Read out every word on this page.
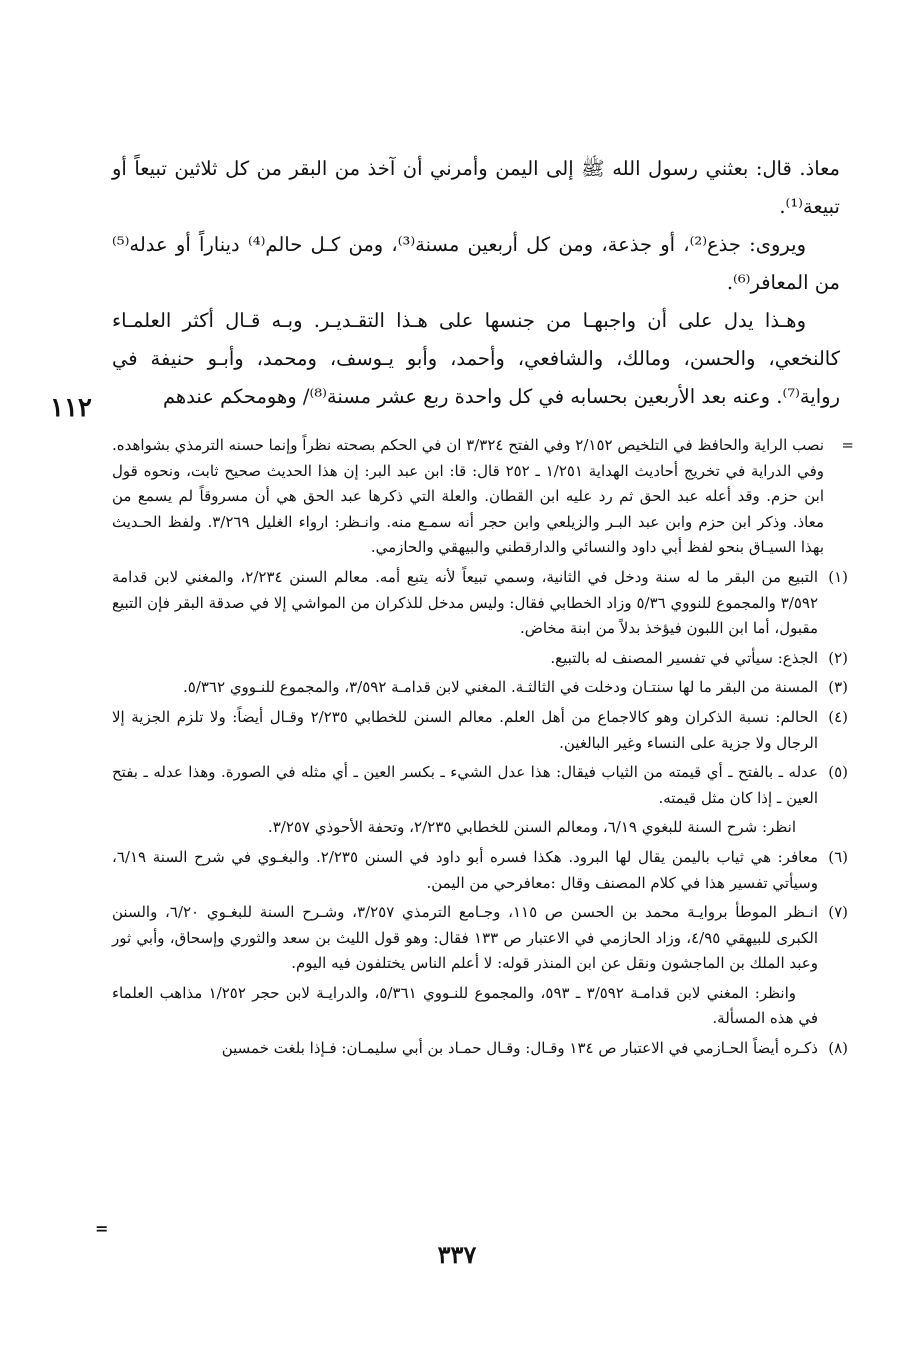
معاذ. قال: بعثني رسول الله ﷺ إلى اليمن وأمرني أن آخذ من البقر من كل ثلاثين تبيعاً أو تبيعة⁽¹⁾.

ويروى: جذع⁽²⁾، أو جذعة، ومن كل أربعين مسنة⁽³⁾، ومن كـل حالم⁽⁴⁾ ديناراً أو عدله⁽⁵⁾ من المعافر⁽⁶⁾.

وهـذا يدل على أن واجبهـا من جنسها على هـذا التقـديـر. وبـه قـال أكثر العلمـاء كالنخعي، والحسن، ومالك، والشافعي، وأحمد، وأبو يـوسف، ومحمد، وأبـو حنيفة في رواية⁽⁷⁾. وعنه بعد الأربعين بحسابه في كل واحدة ربع عشر مسنة⁽⁸⁾/ وهومحكم عندهم

١١٢
=
نصب الراية والحافظ في التلخيص ٢/١٥٢ وفي الفتح ٣/٣٢٤ ان في الحكم بصحته نظراً وإنما حسنه الترمذي بشواهده. وفي الدراية في تخريج أحاديث الهداية ١/٢٥١ ـ ٢٥٢ قال: قا: ابن عبد البر: إن هذا الحديث صحيح ثابت، ونحوه قول ابن حزم. وقد أعله عبد الحق ثم رد عليه ابن القطان. والعلة التي ذكرها عبد الحق هي أن مسروقاً لم يسمع من معاذ. وذكر ابن حزم وابن عبد البـر والزيلعي وابن حجر أنه سمـع منه. وانـظر: ارواء الغليل ٣/٢٦٩. ولفظ الحـديث بهذا السيـاق بنحو لفظ أبي داود والنسائي والدارقطني والبيهقي والحازمي.
(١)
التبيع من البقر ما له سنة ودخل في الثانية، وسمي تبيعاً لأنه يتبع أمه. معالم السنن ٢/٢٣٤، والمغني لابن قدامة ٣/٥٩٢ والمجموع للنووي ٥/٣٦ وزاد الخطابي فقال: وليس مدخل للذكران من المواشي إلا في صدقة البقر فإن التبيع مقبول، أما ابن اللبون فيؤخذ بدلاً من ابنة مخاض.
(٢)
الجذع: سيأتي في تفسير المصنف له بالتبيع.
(٣)
المسنة من البقر ما لها سنتـان ودخلت في الثالثـة. المغني لابن قدامـة ٣/٥٩٢، والمجموع للنـووي ٥/٣٦٢.
(٤)
الحالم: نسبة الذكران وهو كالاجماع من أهل العلم. معالم السنن للخطابي ٢/٢٣٥ وقـال أيضاً: ولا تلزم الجزية إلا الرجال ولا جزية على النساء وغير البالغين.
(٥)
عدله ـ بالفتح ـ أي قيمته من الثياب فيقال: هذا عدل الشيء ـ بكسر العين ـ أي مثله في الصورة. وهذا عدله ـ بفتح العين ـ إذا كان مثل قيمته.
انظر: شرح السنة للبغوي ٦/١٩، ومعالم السنن للخطابي ٢/٢٣٥، وتحفة الأحوذي ٣/٢٥٧.
(٦)
معافر: هي ثياب باليمن يقال لها البرود. هكذا فسره أبو داود في السنن ٢/٢٣٥. والبغـوي في شرح السنة ٦/١٩، وسيأتي تفسير هذا في كلام المصنف وقال :معافرحي من اليمن.
(٧)
انـظر الموطأ بروايـة محمد بن الحسن ص ١١٥، وجـامع الترمذي ٣/٢٥٧، وشـرح السنة للبغـوي ٦/٢٠، والسنن الكبرى للبيهقي ٤/٩٥، وزاد الحازمي في الاعتبار ص ١٣٣ فقال: وهو قول الليث بن سعد والثوري وإسحاق، وأبي ثور وعبد الملك بن الماجشون ونقل عن ابن المنذر قوله: لا أعلم الناس يختلفون فيه اليوم.
وانظر: المغني لابن قدامـة ٣/٥٩٢ ـ ٥٩٣، والمجموع للنـووي ٥/٣٦١، والدرايـة لابن حجر ١/٢٥٢ مذاهب العلماء في هذه المسألة.
(٨)
ذكـره أيضاً الحـازمي في الاعتبار ص ١٣٤ وقـال: وقـال حمـاد بن أبي سليمـان: فـإذا بلغت خمسين
=
٣٣٧
